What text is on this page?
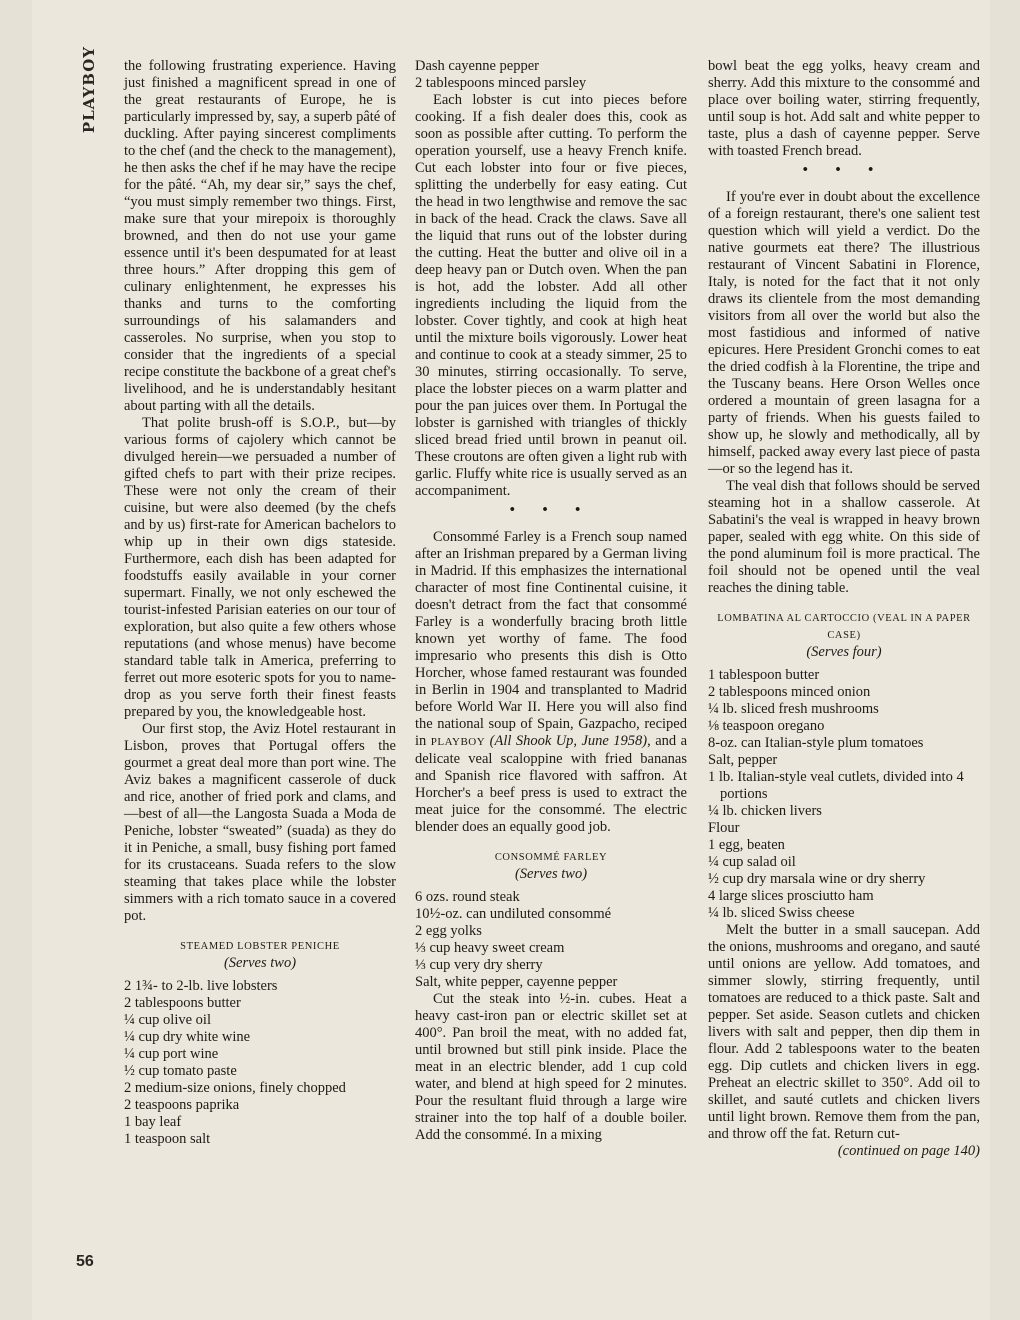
PLAYBOY
56

the following frustrating experience. Having just finished a magnificent spread in one of the great restaurants of Europe, he is particularly impressed by, say, a superb pâté of duckling. After paying sincerest compliments to the chef (and the check to the management), he then asks the chef if he may have the recipe for the pâté. “Ah, my dear sir,” says the chef, “you must simply remember two things. First, make sure that your mirepoix is thoroughly browned, and then do not use your game essence until it's been despumated for at least three hours.” After dropping this gem of culinary enlightenment, he expresses his thanks and turns to the comforting surroundings of his salamanders and casseroles. No surprise, when you stop to consider that the ingredients of a special recipe constitute the backbone of a great chef's livelihood, and he is understandably hesitant about parting with all the details.

That polite brush-off is S.O.P., but—by various forms of cajolery which cannot be divulged herein—we persuaded a number of gifted chefs to part with their prize recipes. These were not only the cream of their cuisine, but were also deemed (by the chefs and by us) first-rate for American bachelors to whip up in their own digs stateside. Furthermore, each dish has been adapted for foodstuffs easily available in your corner supermart. Finally, we not only eschewed the tourist-infested Parisian eateries on our tour of exploration, but also quite a few others whose reputations (and whose menus) have become standard table talk in America, preferring to ferret out more esoteric spots for you to name-drop as you serve forth their finest feasts prepared by you, the knowledgeable host.

Our first stop, the Aviz Hotel restaurant in Lisbon, proves that Portugal offers the gourmet a great deal more than port wine. The Aviz bakes a magnificent casserole of duck and rice, another of fried pork and clams, and—best of all—the Langosta Suada a Moda de Peniche, lobster “sweated” (suada) as they do it in Peniche, a small, busy fishing port famed for its crustaceans. Suada refers to the slow steaming that takes place while the lobster simmers with a rich tomato sauce in a covered pot.

STEAMED LOBSTER PENICHE
(Serves two)
2 1¾- to 2-lb. live lobsters
2 tablespoons butter
¼ cup olive oil
¼ cup dry white wine
¼ cup port wine
½ cup tomato paste
2 medium-size onions, finely chopped
2 teaspoons paprika
1 bay leaf
1 teaspoon salt
Dash cayenne pepper
2 tablespoons minced parsley

Each lobster is cut into pieces before cooking. If a fish dealer does this, cook as soon as possible after cutting. To perform the operation yourself, use a heavy French knife. Cut each lobster into four or five pieces, splitting the underbelly for easy eating. Cut the head in two lengthwise and remove the sac in back of the head. Crack the claws. Save all the liquid that runs out of the lobster during the cutting. Heat the butter and olive oil in a deep heavy pan or Dutch oven. When the pan is hot, add the lobster. Add all other ingredients including the liquid from the lobster. Cover tightly, and cook at high heat until the mixture boils vigorously. Lower heat and continue to cook at a steady simmer, 25 to 30 minutes, stirring occasionally. To serve, place the lobster pieces on a warm platter and pour the pan juices over them. In Portugal the lobster is garnished with triangles of thickly sliced bread fried until brown in peanut oil. These croutons are often given a light rub with garlic. Fluffy white rice is usually served as an accompaniment.

• • •

Consommé Farley is a French soup named after an Irishman prepared by a German living in Madrid. If this emphasizes the international character of most fine Continental cuisine, it doesn't detract from the fact that consommé Farley is a wonderfully bracing broth little known yet worthy of fame. The food impresario who presents this dish is Otto Horcher, whose famed restaurant was founded in Berlin in 1904 and transplanted to Madrid before World War II. Here you will also find the national soup of Spain, Gazpacho, reciped in PLAYBOY (All Shook Up, June 1958), and a delicate veal scaloppine with fried bananas and Spanish rice flavored with saffron. At Horcher's a beef press is used to extract the meat juice for the consommé. The electric blender does an equally good job.

CONSOMMÉ FARLEY
(Serves two)
6 ozs. round steak
10½-oz. can undiluted consommé
2 egg yolks
⅓ cup heavy sweet cream
⅓ cup very dry sherry
Salt, white pepper, cayenne pepper

Cut the steak into ½-in. cubes. Heat a heavy cast-iron pan or electric skillet set at 400°. Pan broil the meat, with no added fat, until browned but still pink inside. Place the meat in an electric blender, add 1 cup cold water, and blend at high speed for 2 minutes. Pour the resultant fluid through a large wire strainer into the top half of a double boiler. Add the consommé. In a mixing

bowl beat the egg yolks, heavy cream and sherry. Add this mixture to the consommé and place over boiling water, stirring frequently, until soup is hot. Add salt and white pepper to taste, plus a dash of cayenne pepper. Serve with toasted French bread.

• • •

If you're ever in doubt about the excellence of a foreign restaurant, there's one salient test question which will yield a verdict. Do the native gourmets eat there? The illustrious restaurant of Vincent Sabatini in Florence, Italy, is noted for the fact that it not only draws its clientele from the most demanding visitors from all over the world but also the most fastidious and informed of native epicures. Here President Gronchi comes to eat the dried codfish à la Florentine, the tripe and the Tuscany beans. Here Orson Welles once ordered a mountain of green lasagna for a party of friends. When his guests failed to show up, he slowly and methodically, all by himself, packed away every last piece of pasta—or so the legend has it.

The veal dish that follows should be served steaming hot in a shallow casserole. At Sabatini's the veal is wrapped in heavy brown paper, sealed with egg white. On this side of the pond aluminum foil is more practical. The foil should not be opened until the veal reaches the dining table.

LOMBATINA AL CARTOCCIO (VEAL IN A PAPER CASE)
(Serves four)
1 tablespoon butter
2 tablespoons minced onion
¼ lb. sliced fresh mushrooms
⅛ teaspoon oregano
8-oz. can Italian-style plum tomatoes
Salt, pepper
1 lb. Italian-style veal cutlets, divided into 4 portions
¼ lb. chicken livers
Flour
1 egg, beaten
¼ cup salad oil
½ cup dry marsala wine or dry sherry
4 large slices prosciutto ham
¼ lb. sliced Swiss cheese

Melt the butter in a small saucepan. Add the onions, mushrooms and oregano, and sauté until onions are yellow. Add tomatoes, and simmer slowly, stirring frequently, until tomatoes are reduced to a thick paste. Salt and pepper. Set aside. Season cutlets and chicken livers with salt and pepper, then dip them in flour. Add 2 tablespoons water to the beaten egg. Dip cutlets and chicken livers in egg. Preheat an electric skillet to 350°. Add oil to skillet, and sauté cutlets and chicken livers until light brown. Remove them from the pan, and throw off the fat. Return cut-

(continued on page 140)
